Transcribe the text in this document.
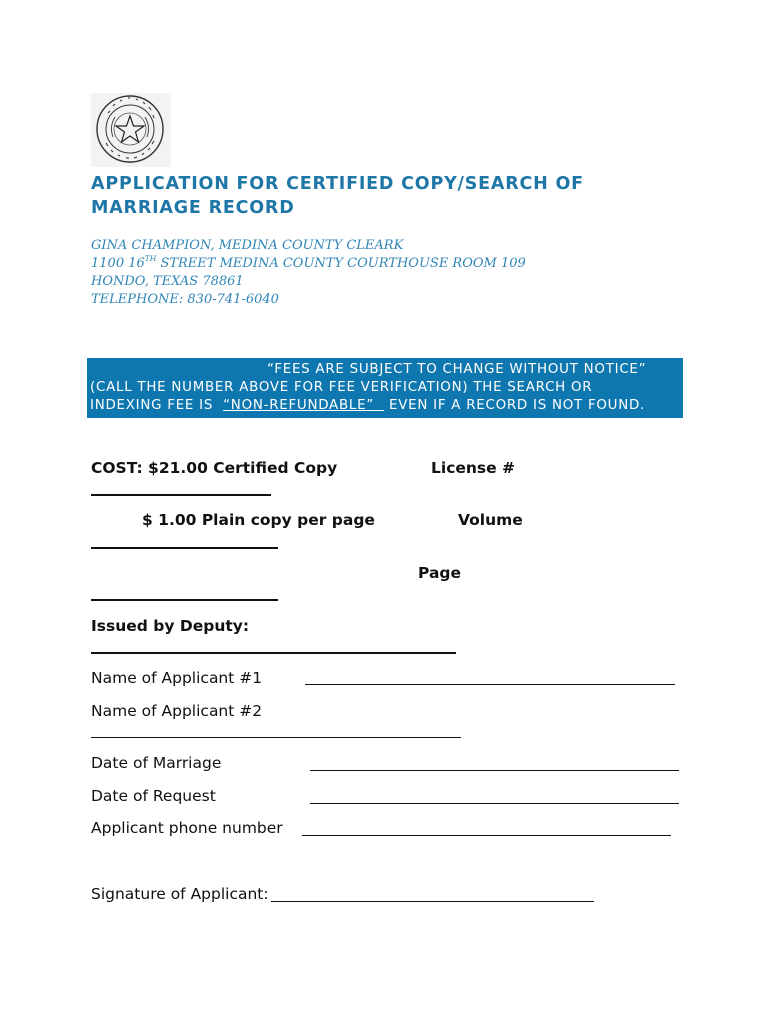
APPLICATION FOR CERTIFIED COPY/SEARCH OF
MARRIAGE RECORD
GINA CHAMPION, MEDINA COUNTY CLEARK
1100 16TH STREET MEDINA COUNTY COURTHOUSE ROOM 109
HONDO, TEXAS 78861
TELEPHONE: 830-741-6040
“FEES ARE SUBJECT TO CHANGE WITHOUT NOTICE”
(CALL THE NUMBER ABOVE FOR FEE VERIFICATION) THE SEARCH OR
INDEXING FEE IS  “NON-REFUNDABLE”   EVEN IF A RECORD IS NOT FOUND.
COST: $21.00 Certified Copy	License #
$ 1.00 Plain copy per page	Volume
Page
Issued by Deputy:
Name of Applicant #1
Name of Applicant #2
Date of Marriage
Date of Request
Applicant phone number
Signature of Applicant:
